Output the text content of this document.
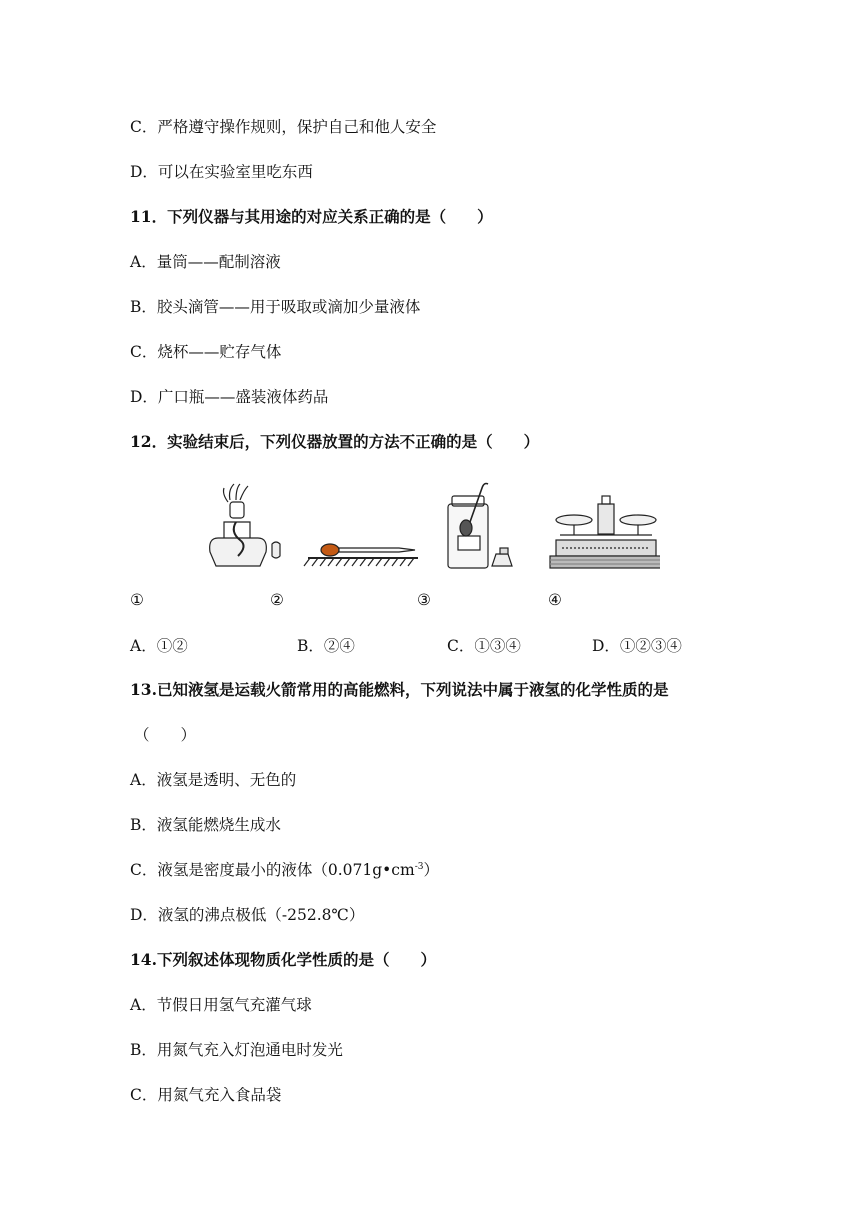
C．严格遵守操作规则，保护自己和他人安全
D．可以在实验室里吃东西
11．下列仪器与其用途的对应关系正确的是（　　）
A．量筒——配制溶液
B．胶头滴管——用于吸取或滴加少量液体
C．烧杯——贮存气体
D．广口瓶——盛装液体药品
12．实验结束后，下列仪器放置的方法不正确的是（　　）
①	②	③	④
A．①②	B．②④	C．①③④	D．①②③④
13.已知液氢是运载火箭常用的高能燃料，下列说法中属于液氢的化学性质的是
（　　）
A．液氢是透明、无色的
B．液氢能燃烧生成水
C．液氢是密度最小的液体$(0.071g•cm^{-3})$
D．液氢的沸点极低（-252.8℃）
14.下列叙述体现物质化学性质的是（　　）
A．节假日用氢气充灌气球
B．用氮气充入灯泡通电时发光
C．用氮气充入食品袋
